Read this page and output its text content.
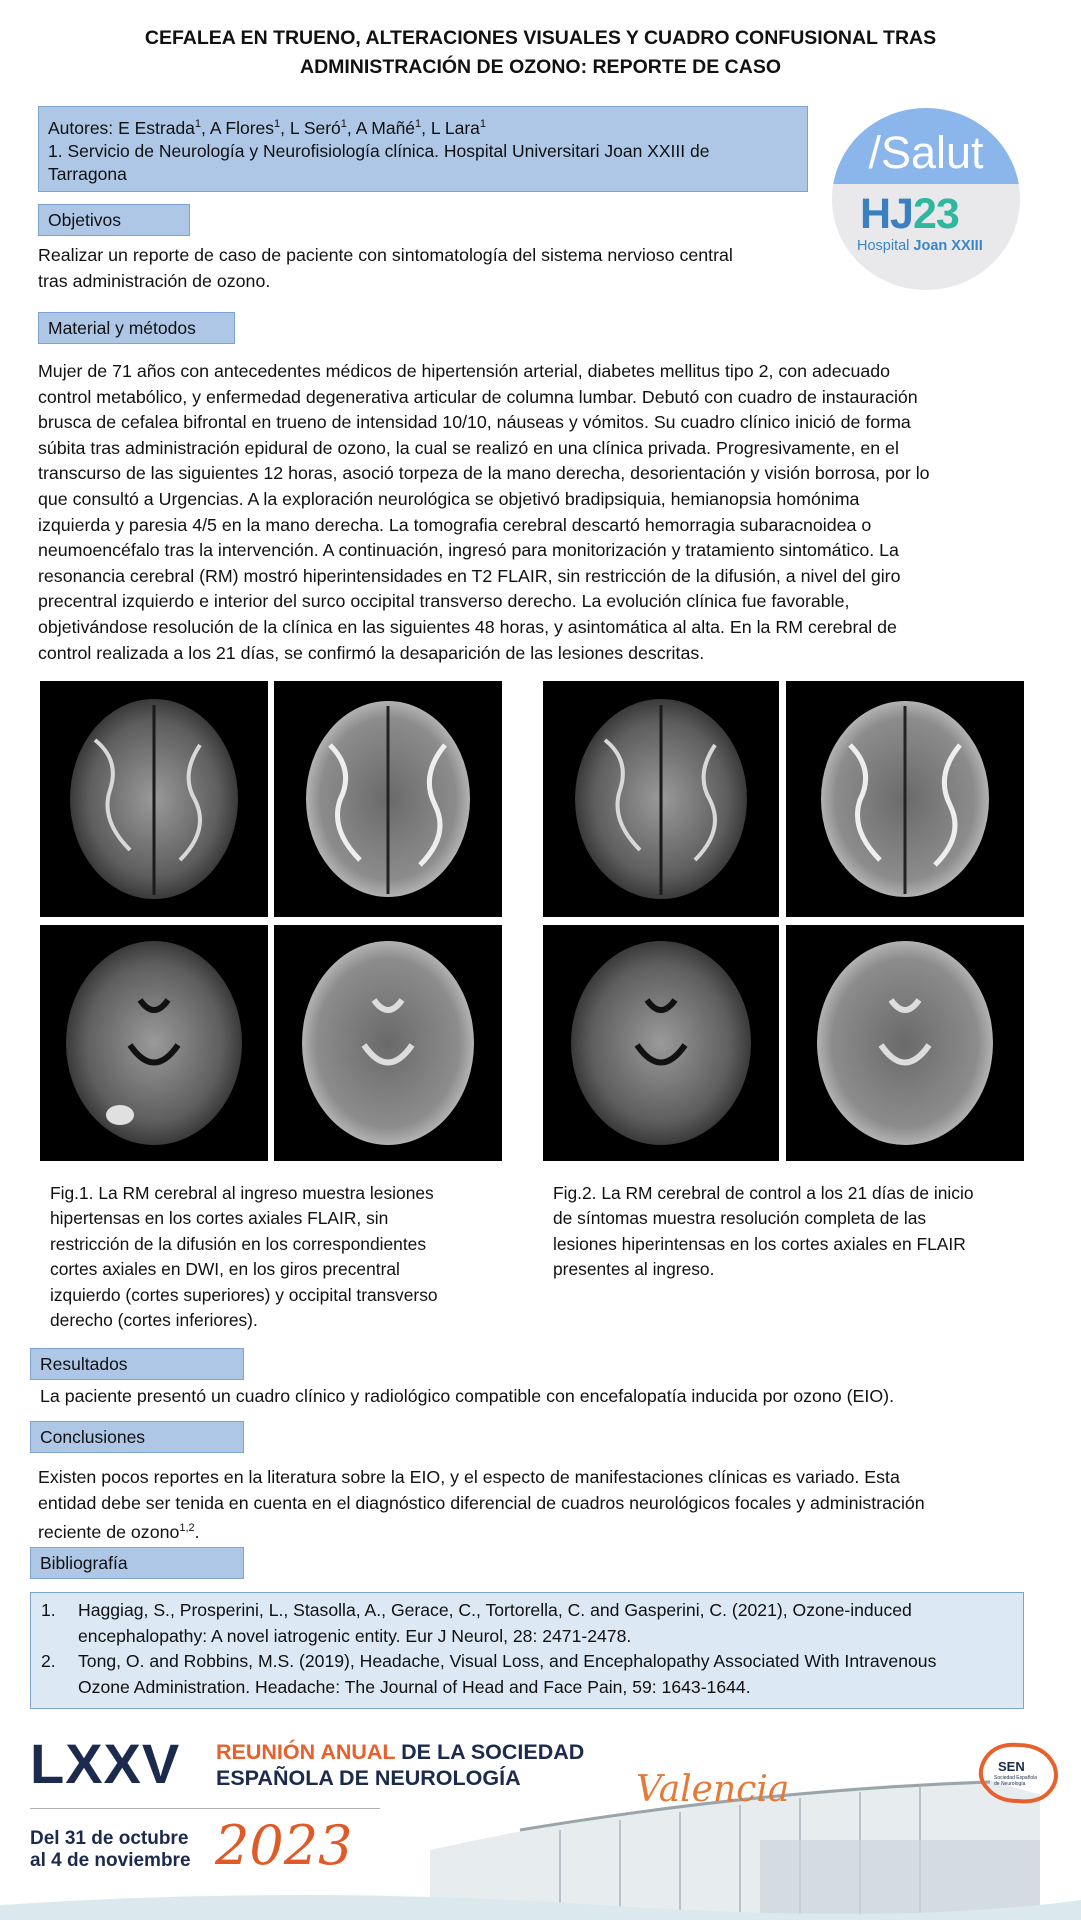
CEFALEA EN TRUENO, ALTERACIONES VISUALES Y CUADRO CONFUSIONAL TRAS
ADMINISTRACIÓN DE OZONO: REPORTE DE CASO
Autores: E Estrada$^1$, A Flores$^1$, L Seró$^1$, A Mañé$^1$, L Lara$^1$
1. Servicio de Neurología y Neurofisiología clínica. Hospital Universitari Joan XXIII de
Tarragona	/Salut
HJ23
Hospital Joan XXIII
Objetivos
Realizar un reporte de caso de paciente con sintomatología del sistema nervioso central
tras administración de ozono.
Material y métodos
Mujer de 71 años con antecedentes médicos de hipertensión arterial, diabetes mellitus tipo 2, con adecuado
control metabólico, y enfermedad degenerativa articular de columna lumbar. Debutó con cuadro de instauración
brusca de cefalea bifrontal en trueno de intensidad 10/10, náuseas y vómitos. Su cuadro clínico inició de forma
súbita tras administración epidural de ozono, la cual se realizó en una clínica privada. Progresivamente, en el
transcurso de las siguientes 12 horas, asoció torpeza de la mano derecha, desorientación y visión borrosa, por lo
que consultó a Urgencias. A la exploración neurológica se objetivó bradipsiquia, hemianopsia homónima
izquierda y paresia 4/5 en la mano derecha. La tomografia cerebral descartó hemorragia subaracnoidea o
neumoencéfalo tras la intervención. A continuación, ingresó para monitorización y tratamiento sintomático. La
resonancia cerebral (RM) mostró hiperintensidades en T2 FLAIR, sin restricción de la difusión, a nivel del giro
precentral izquierdo e interior del surco occipital transverso derecho. La evolución clínica fue favorable,
objetivándose resolución de la clínica en las siguientes 48 horas, y asintomática al alta. En la RM cerebral de
control realizada a los 21 días, se confirmó la desaparición de las lesiones descritas.
Fig.1. La RM cerebral al ingreso muestra lesiones
hipertensas en los cortes axiales FLAIR, sin
restricción de la difusión en los correspondientes
cortes axiales en DWI, en los giros precentral
izquierdo (cortes superiores) y occipital transverso
derecho (cortes inferiores).
Fig.2. La RM cerebral de control a los 21 días de inicio
de síntomas muestra resolución completa de las
lesiones hiperintensas en los cortes axiales en FLAIR
presentes al ingreso.
Resultados
La paciente presentó un cuadro clínico y radiológico compatible con encefalopatía inducida por ozono (EIO).
Conclusiones
Existen pocos reportes en la literatura sobre la EIO, y el especto de manifestaciones clínicas es variado. Esta
entidad debe ser tenida en cuenta en el diagnóstico diferencial de cuadros neurológicos focales y administración
reciente de ozono$^{1,2}$.
Bibliografía
1. Haggiag, S., Prosperini, L., Stasolla, A., Gerace, C., Tortorella, C. and Gasperini, C. (2021), Ozone-induced
encephalopathy: A novel iatrogenic entity. Eur J Neurol, 28: 2471-2478.
2. Tong, O. and Robbins, M.S. (2019), Headache, Visual Loss, and Encephalopathy Associated With Intravenous
Ozone Administration. Headache: The Journal of Head and Face Pain, 59: 1643-1644.
LXXV REUNIÓN ANUAL DE LA SOCIEDAD
ESPAÑOLA DE NEUROLOGÍA	Valencia
Del 31 de octubre
al 4 de noviembre 2023
SEN
Sociedad Española
de Neurología
